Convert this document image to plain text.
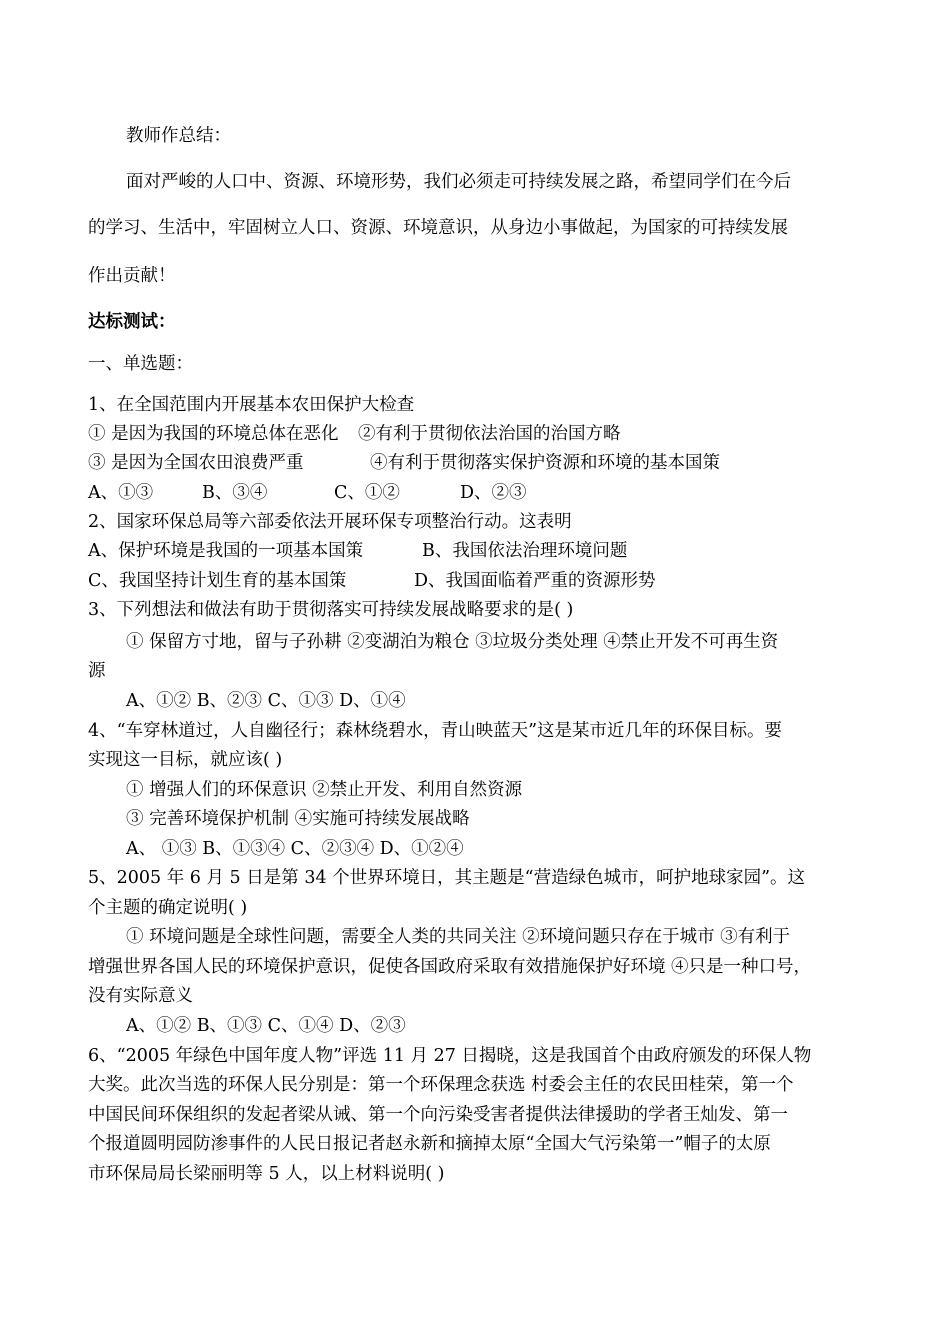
教师作总结：
面对严峻的人口中、资源、环境形势，我们必须走可持续发展之路，希望同学们在今后
的学习、生活中，牢固树立人口、资源、环境意识，从身边小事做起，为国家的可持续发展
作出贡献！
达标测试：
一、单选题：
1、在全国范围内开展基本农田保护大检查
① 是因为我国的环境总体在恶化 ②有利于贯彻依法治国的治国方略
③ 是因为全国农田浪费严重	④有利于贯彻落实保护资源和环境的基本国策
A、①③	B、③④	C、①②	D、②③
2、国家环保总局等六部委依法开展环保专项整治行动。这表明
A、保护环境是我国的一项基本国策	B、我国依法治理环境问题
C、我国坚持计划生育的基本国策	D、我国面临着严重的资源形势
3、下列想法和做法有助于贯彻落实可持续发展战略要求的是( )
① 保留方寸地，留与子孙耕 ②变湖泊为粮仓 ③垃圾分类处理 ④禁止开发不可再生资
源
A、①② B、②③ C、①③ D、①④
4、“车穿林道过，人自幽径行；森林绕碧水，青山映蓝天”这是某市近几年的环保目标。要
实现这一目标，就应该( )
① 增强人们的环保意识 ②禁止开发、利用自然资源
③ 完善环境保护机制 ④实施可持续发展战略
A、 ①③ B、①③④ C、②③④ D、①②④
5、2005 年 6 月 5 日是第 34 个世界环境日，其主题是“营造绿色城市，呵护地球家园”。这
个主题的确定说明( )
① 环境问题是全球性问题，需要全人类的共同关注 ②环境问题只存在于城市 ③有利于
增强世界各国人民的环境保护意识，促使各国政府采取有效措施保护好环境 ④只是一种口号，
没有实际意义
A、①② B、①③ C、①④ D、②③
6、“2005 年绿色中国年度人物”评选 11 月 27 日揭晓，这是我国首个由政府颁发的环保人物
大奖。此次当选的环保人民分别是：第一个环保理念获选 村委会主任的农民田桂荣，第一个
中国民间环保组织的发起者梁从诫、第一个向污染受害者提供法律援助的学者王灿发、第一
个报道圆明园防渗事件的人民日报记者赵永新和摘掉太原“全国大气污染第一”帽子的太原
市环保局局长梁丽明等 5 人，以上材料说明( )
